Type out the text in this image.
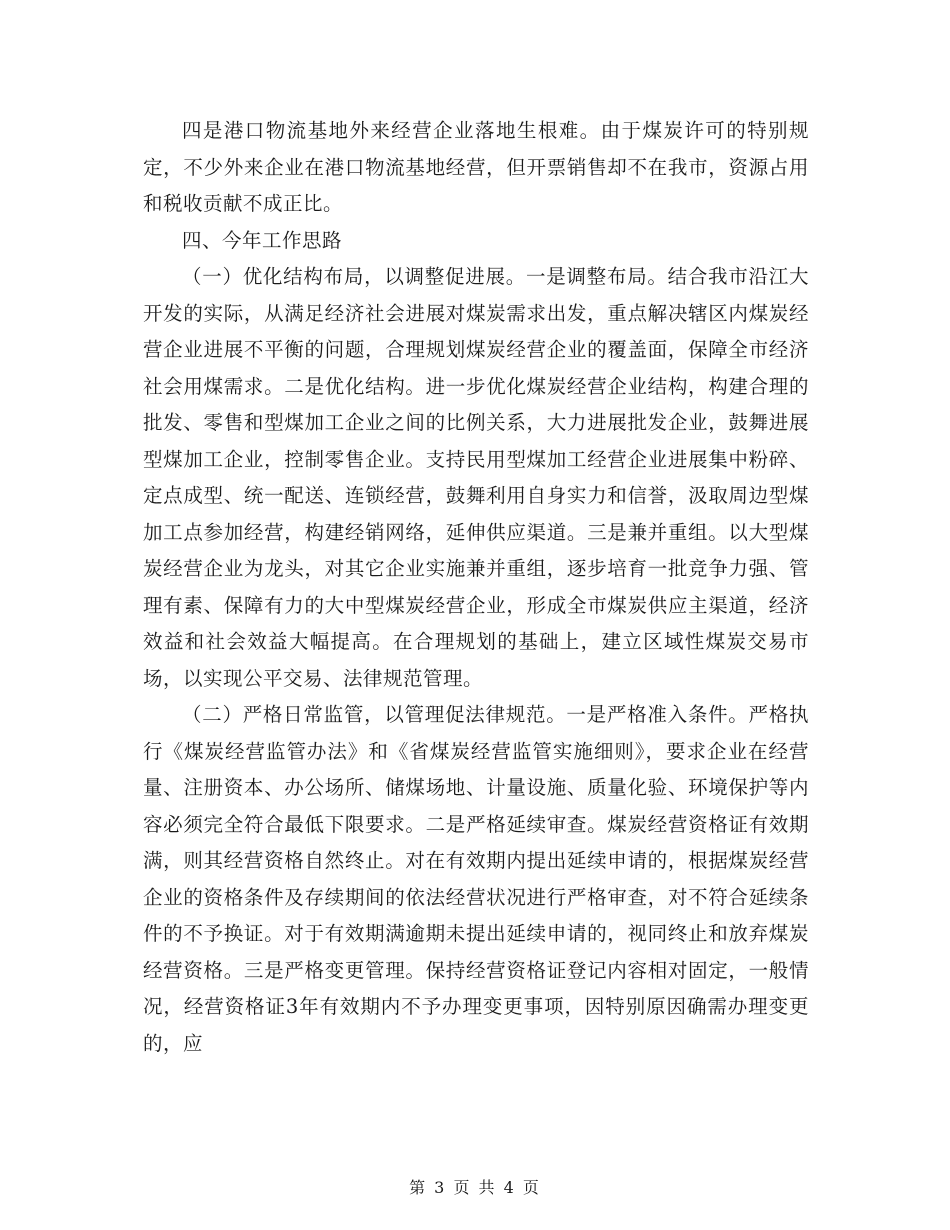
四是港口物流基地外来经营企业落地生根难。由于煤炭许可的特别规定，不少外来企业在港口物流基地经营，但开票销售却不在我市，资源占用和税收贡献不成正比。

四、今年工作思路

（一）优化结构布局，以调整促进展。一是调整布局。结合我市沿江大开发的实际，从满足经济社会进展对煤炭需求出发，重点解决辖区内煤炭经营企业进展不平衡的问题，合理规划煤炭经营企业的覆盖面，保障全市经济社会用煤需求。二是优化结构。进一步优化煤炭经营企业结构，构建合理的批发、零售和型煤加工企业之间的比例关系，大力进展批发企业，鼓舞进展型煤加工企业，控制零售企业。支持民用型煤加工经营企业进展集中粉碎、定点成型、统一配送、连锁经营，鼓舞利用自身实力和信誉，汲取周边型煤加工点参加经营，构建经销网络，延伸供应渠道。三是兼并重组。以大型煤炭经营企业为龙头，对其它企业实施兼并重组，逐步培育一批竞争力强、管理有素、保障有力的大中型煤炭经营企业，形成全市煤炭供应主渠道，经济效益和社会效益大幅提高。在合理规划的基础上，建立区域性煤炭交易市场，以实现公平交易、法律规范管理。

（二）严格日常监管，以管理促法律规范。一是严格准入条件。严格执行《煤炭经营监管办法》和《省煤炭经营监管实施细则》，要求企业在经营量、注册资本、办公场所、储煤场地、计量设施、质量化验、环境保护等内容必须完全符合最低下限要求。二是严格延续审查。煤炭经营资格证有效期满，则其经营资格自然终止。对在有效期内提出延续申请的，根据煤炭经营企业的资格条件及存续期间的依法经营状况进行严格审查，对不符合延续条件的不予换证。对于有效期满逾期未提出延续申请的，视同终止和放弃煤炭经营资格。三是严格变更管理。保持经营资格证登记内容相对固定，一般情况，经营资格证3年有效期内不予办理变更事项，因特别原因确需办理变更的，应

第 3 页 共 4 页
